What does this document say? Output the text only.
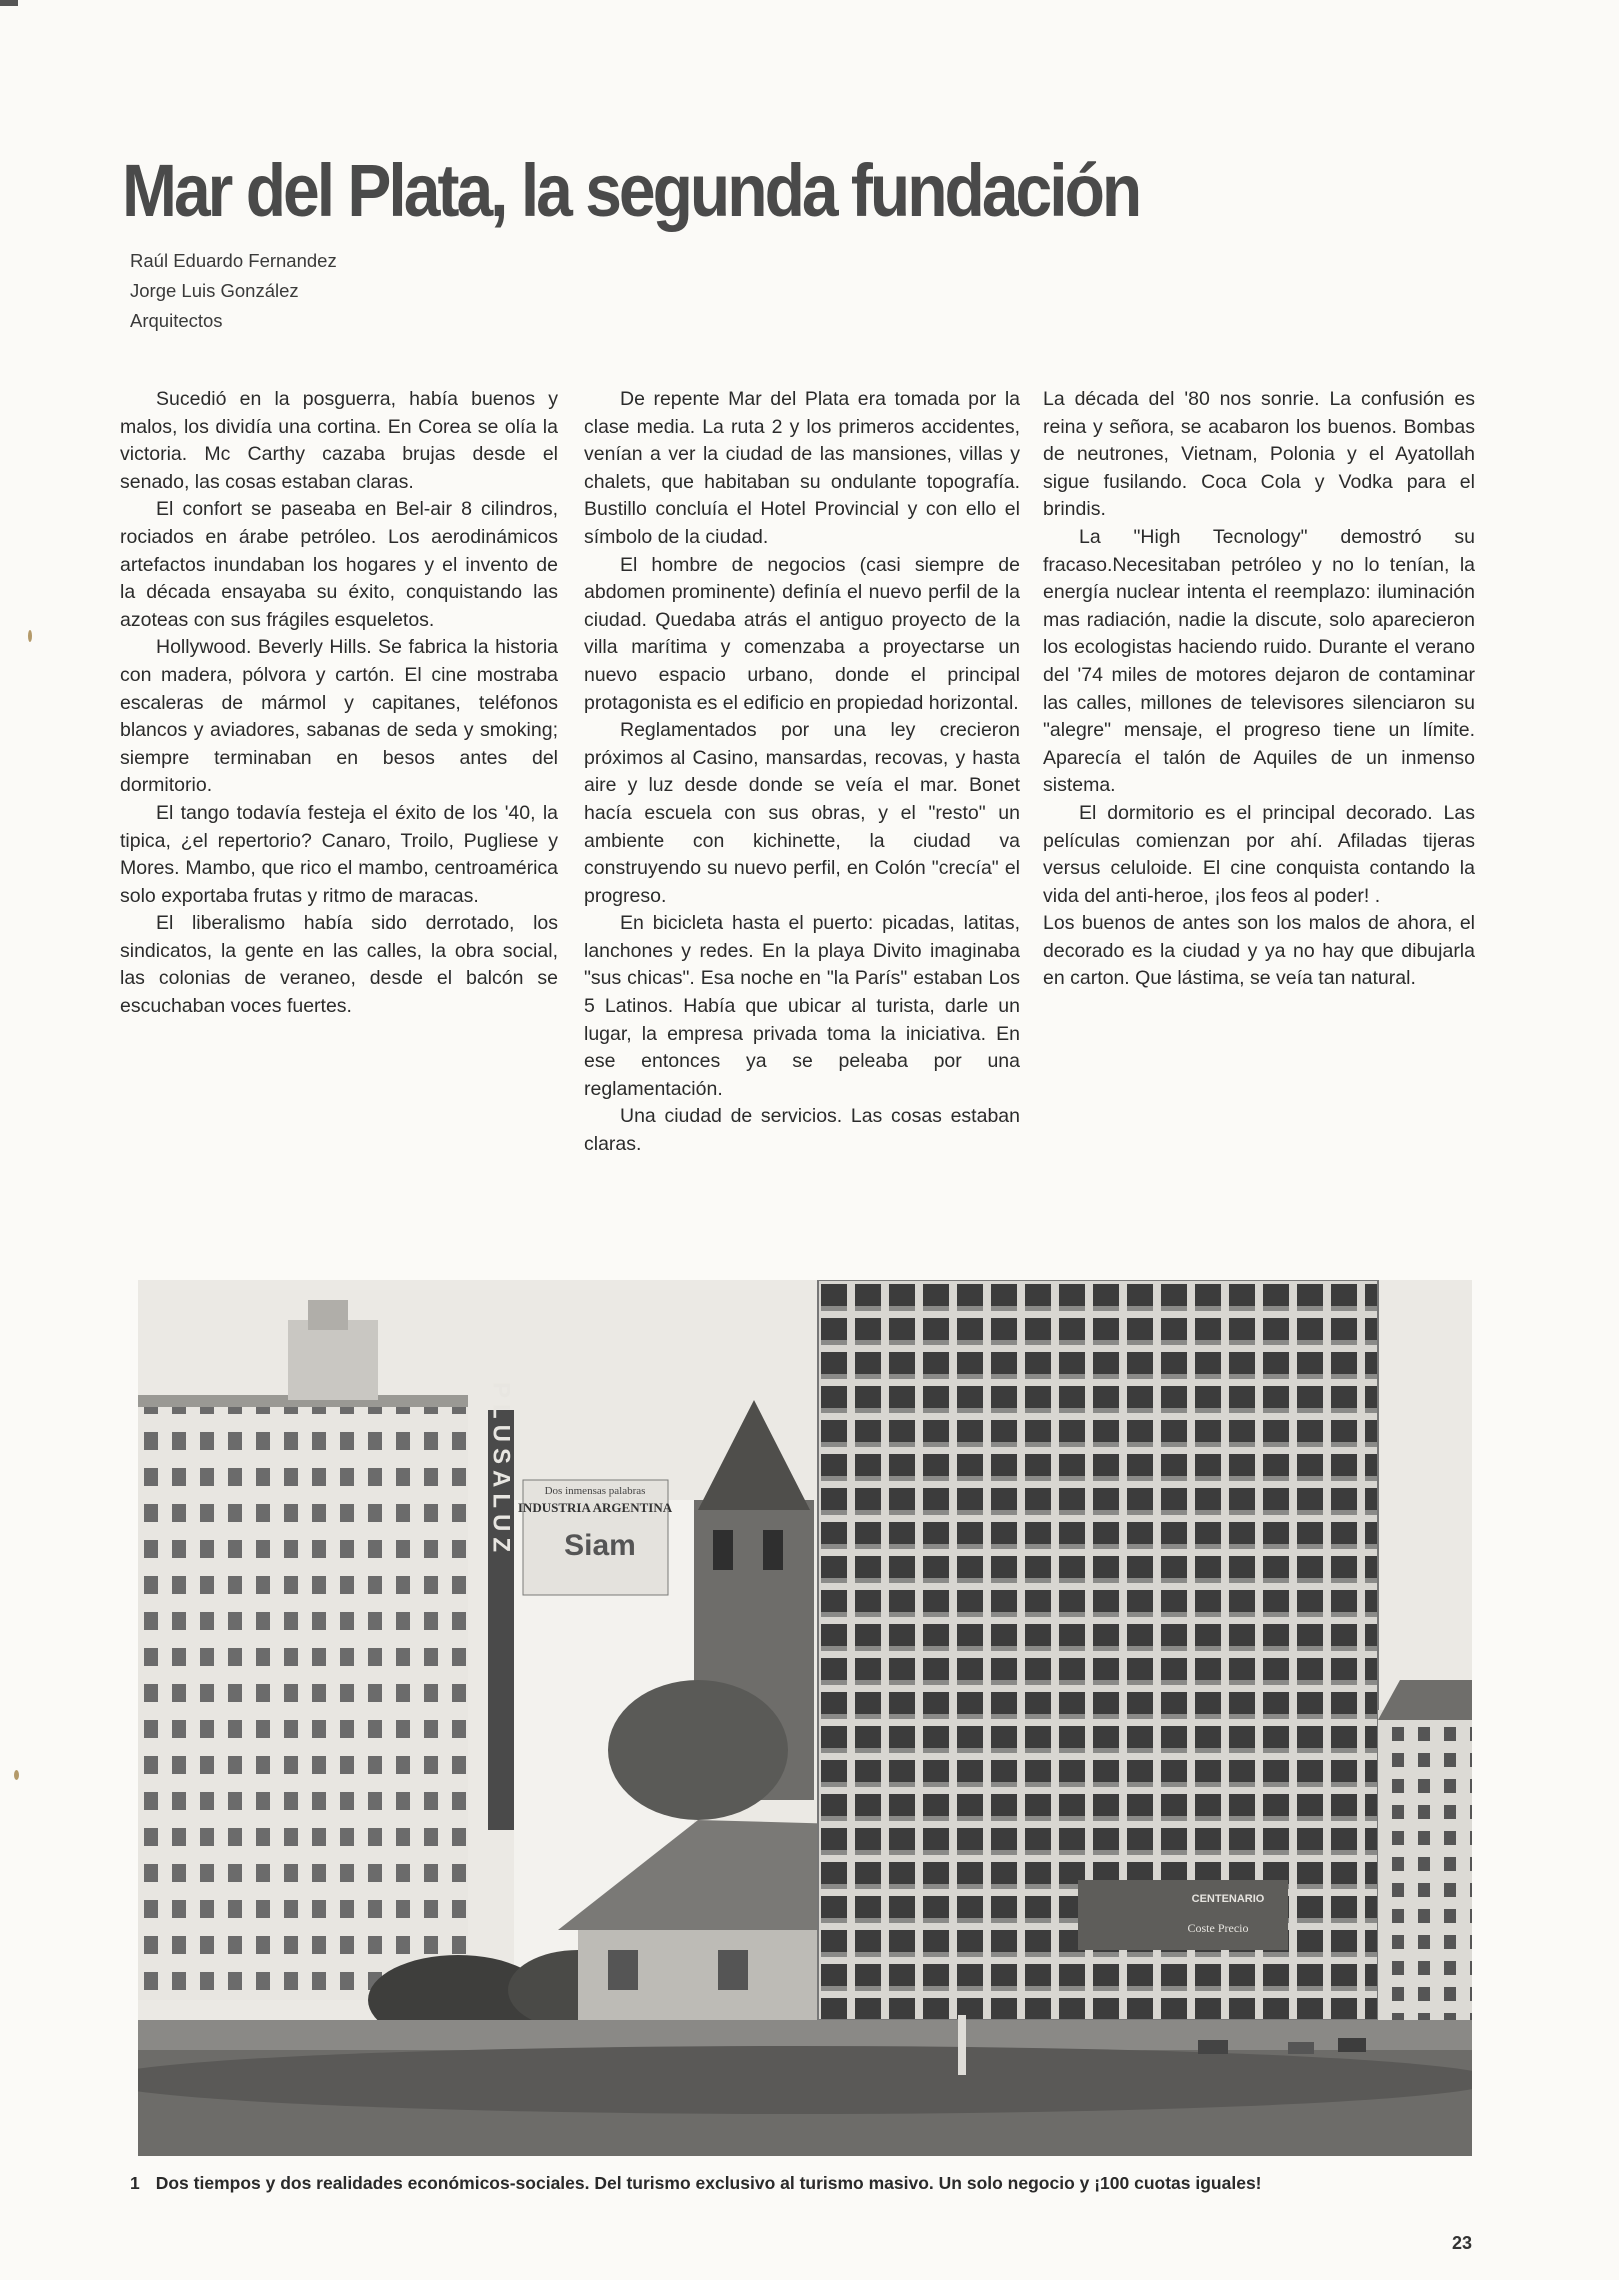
Mar del Plata, la segunda fundación
Raúl Eduardo Fernandez
Jorge Luis González
Arquitectos

Sucedió en la posguerra, había buenos y malos, los dividía una cortina. En Corea se olía la victoria. Mc Carthy cazaba brujas desde el senado, las cosas estaban claras.

El confort se paseaba en Bel-air 8 cilindros, rociados en árabe petróleo. Los aerodinámicos artefactos inundaban los hogares y el invento de la década ensayaba su éxito, conquistando las azoteas con sus frágiles esqueletos.

Hollywood. Beverly Hills. Se fabrica la historia con madera, pólvora y cartón. El cine mostraba escaleras de mármol y capitanes, teléfonos blancos y aviadores, sabanas de seda y smoking; siempre terminaban en besos antes del dormitorio.

El tango todavía festeja el éxito de los '40, la tipica, ¿el repertorio? Canaro, Troilo, Pugliese y Mores. Mambo, que rico el mambo, centroamérica solo exportaba frutas y ritmo de maracas.

El liberalismo había sido derrotado, los sindicatos, la gente en las calles, la obra social, las colonias de veraneo, desde el balcón se escuchaban voces fuertes.

De repente Mar del Plata era tomada por la clase media. La ruta 2 y los primeros accidentes, venían a ver la ciudad de las mansiones, villas y chalets, que habitaban su ondulante topografía. Bustillo concluía el Hotel Provincial y con ello el símbolo de la ciudad.

El hombre de negocios (casi siempre de abdomen prominente) definía el nuevo perfil de la ciudad. Quedaba atrás el antiguo proyecto de la villa marítima y comenzaba a proyectarse un nuevo espacio urbano, donde el principal protagonista es el edificio en propiedad horizontal.

Reglamentados por una ley crecieron próximos al Casino, mansardas, recovas, y hasta aire y luz desde donde se veía el mar. Bonet hacía escuela con sus obras, y el "resto" un ambiente con kichinette, la ciudad va construyendo su nuevo perfil, en Colón "crecía" el progreso.

En bicicleta hasta el puerto: picadas, latitas, lanchones y redes. En la playa Divito imaginaba "sus chicas". Esa noche en "la París" estaban Los 5 Latinos. Había que ubicar al turista, darle un lugar, la empresa privada toma la iniciativa. En ese entonces ya se peleaba por una reglamentación.

Una ciudad de servicios. Las cosas estaban claras.

La década del '80 nos sonrie. La confusión es reina y señora, se acabaron los buenos. Bombas de neutrones, Vietnam, Polonia y el Ayatollah sigue fusilando. Coca Cola y Vodka para el brindis.

La "High Tecnology" demostró su fracaso.Necesitaban petróleo y no lo tenían, la energía nuclear intenta el reemplazo: iluminación mas radiación, nadie la discute, solo aparecieron los ecologistas haciendo ruido. Durante el verano del '74 miles de motores dejaron de contaminar las calles, millones de televisores silenciaron su "alegre" mensaje, el progreso tiene un límite. Aparecía el talón de Aquiles de un inmenso sistema.

El dormitorio es el principal decorado. Las películas comienzan por ahí. Afiladas tijeras versus celuloide. El cine conquista contando la vida del anti-heroe, ¡los feos al poder! .

Los buenos de antes son los malos de ahora, el decorado es la ciudad y ya no hay que dibujarla en carton. Que lástima, se veía tan natural.

PLUSALUZ	Dos inmensas palabras
INDUSTRIA ARGENTINA
Siam
CENTENARIO
Coste Precio
1 Dos tiempos y dos realidades económicos-sociales. Del turismo exclusivo al turismo masivo. Un solo negocio y ¡100 cuotas iguales!
23
